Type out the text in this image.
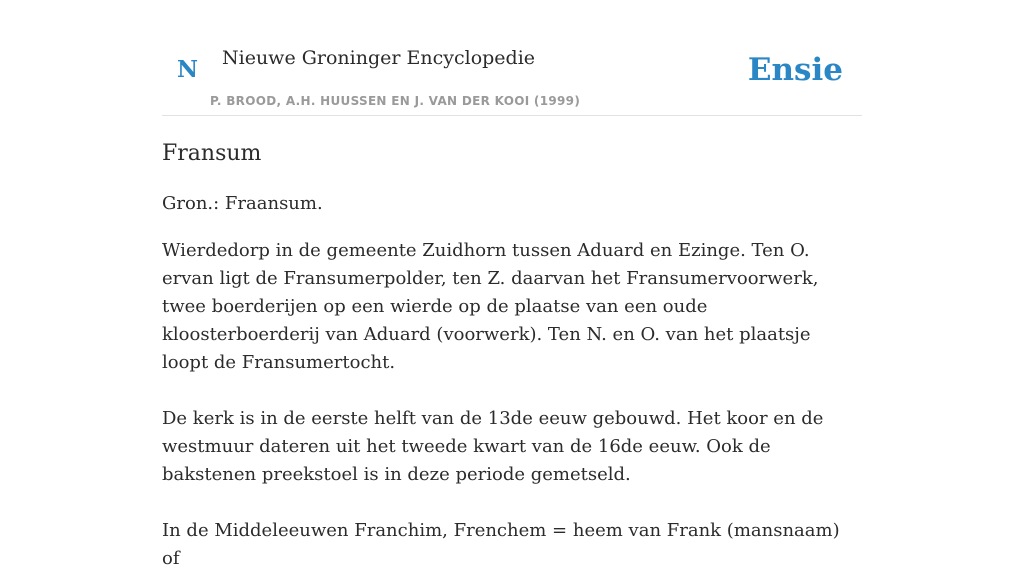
N Nieuwe Groninger Encyclopedie
P. BROOD, A.H. HUUSSEN EN J. VAN DER KOOI (1999)
Ensie
Fransum

Gron.: Fraansum.

Wierdedorp in de gemeente Zuidhorn tussen Aduard en Ezinge. Ten O. ervan ligt de Fransumerpolder, ten Z. daarvan het Fransumervoorwerk, twee boerderijen op een wierde op de plaatse van een oude kloosterboerderij van Aduard (voorwerk). Ten N. en O. van het plaatsje loopt de Fransumertocht.

De kerk is in de eerste helft van de 13de eeuw gebouwd. Het koor en de westmuur dateren uit het tweede kwart van de 16de eeuw. Ook de bakstenen preekstoel is in deze periode gemetseld.

In de Middeleeuwen Franchim, Frenchem = heem van Frank (mansnaam) of
